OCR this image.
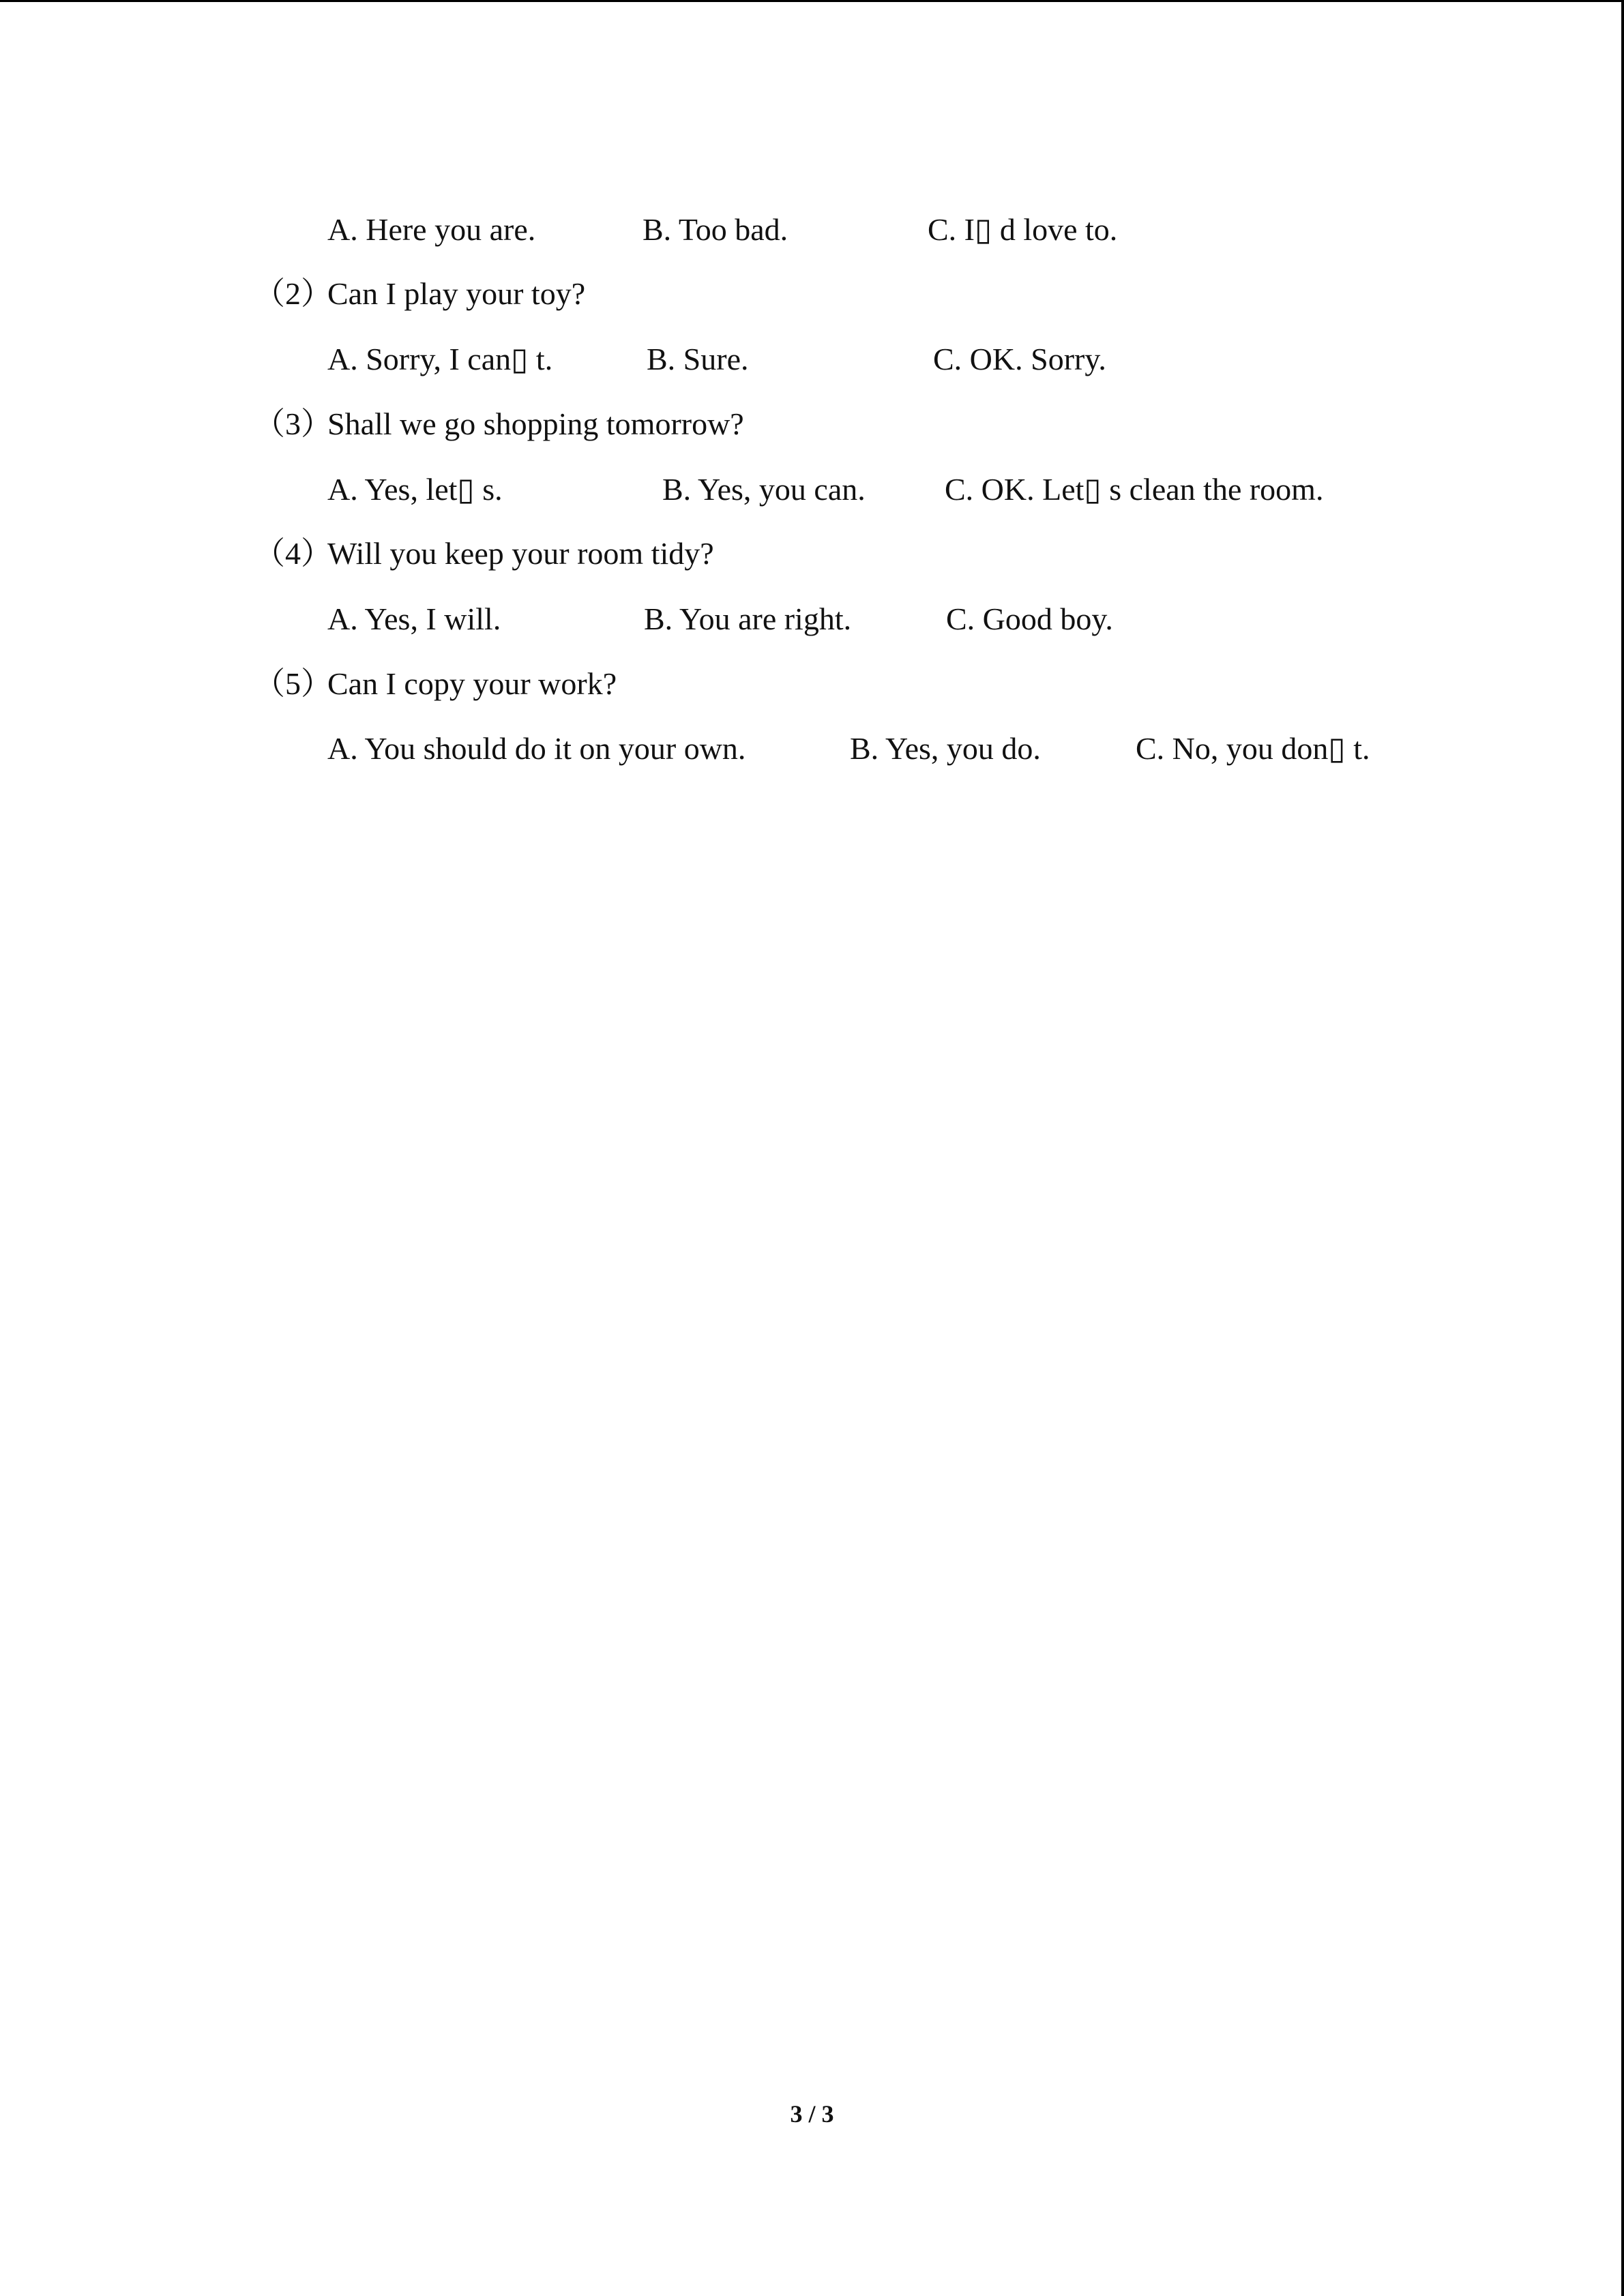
A. Here you are.	B. Too bad.	C. I▯ d love to.
（2）
Can I play your toy?
A. Sorry, I can▯ t.	B. Sure.	C. OK. Sorry.
（3）
Shall we go shopping tomorrow?
A. Yes, let▯ s.	B. Yes, you can.	C. OK. Let▯ s clean the room.
（4）
Will you keep your room tidy?
A. Yes, I will.	B. You are right.	C. Good boy.
（5）
Can I copy your work?
A. You should do it on your own.	B. Yes, you do.	C. No, you don▯ t.
3 / 3
